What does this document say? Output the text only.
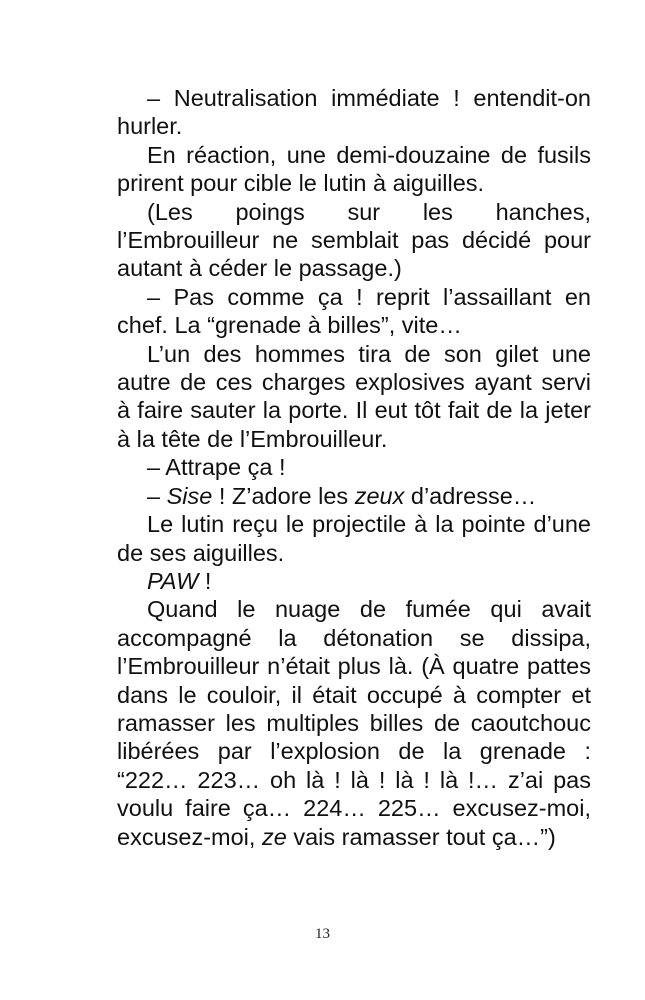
– Neutralisation immédiate ! entendit-on hurler.

En réaction, une demi-douzaine de fusils prirent pour cible le lutin à aiguilles.

(Les poings sur les hanches, l’Embrouilleur ne semblait pas décidé pour autant à céder le passage.)

– Pas comme ça ! reprit l’assaillant en chef. La “grenade à billes”, vite…

L’un des hommes tira de son gilet une autre de ces charges explosives ayant servi à faire sauter la porte. Il eut tôt fait de la jeter à la tête de l’Embrouilleur.

– Attrape ça !

– Sise ! Z’adore les zeux d’adresse…

Le lutin reçu le projectile à la pointe d’une de ses aiguilles.

PAW !

Quand le nuage de fumée qui avait accompagné la détonation se dissipa, l’Embrouilleur n’était plus là. (À quatre pattes dans le couloir, il était occupé à compter et ramasser les multiples billes de caoutchouc libérées par l’explosion de la grenade : “222… 223… oh là ! là ! là ! là !… z’ai pas voulu faire ça… 224… 225… excusez-moi, excusez-moi, ze vais ramasser tout ça…”)

13
